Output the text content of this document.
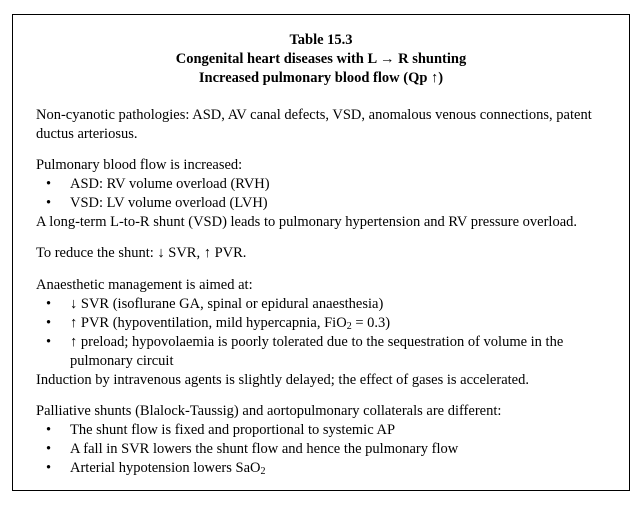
Table 15.3
Congenital heart diseases with L → R shunting
Increased pulmonary blood flow (Qp ↑)
Non-cyanotic pathologies: ASD, AV canal defects, VSD, anomalous venous connections, patent
ductus arteriosus.
Pulmonary blood flow is increased:
• ASD: RV volume overload (RVH)
• VSD: LV volume overload (LVH)
A long-term L-to-R shunt (VSD) leads to pulmonary hypertension and RV pressure overload.
To reduce the shunt: ↓ SVR, ↑ PVR.
Anaesthetic management is aimed at:
• ↓ SVR (isoflurane GA, spinal or epidural anaesthesia)
• ↑ PVR (hypoventilation, mild hypercapnia, FiO$_2$ = 0.3)
• ↑ preload; hypovolaemia is poorly tolerated due to the sequestration of volume in the
pulmonary circuit
Induction by intravenous agents is slightly delayed; the effect of gases is accelerated.
Palliative shunts (Blalock-Taussig) and aortopulmonary collaterals are different:
• The shunt flow is fixed and proportional to systemic AP
• A fall in SVR lowers the shunt flow and hence the pulmonary flow
• Arterial hypotension lowers SaO$_2$
